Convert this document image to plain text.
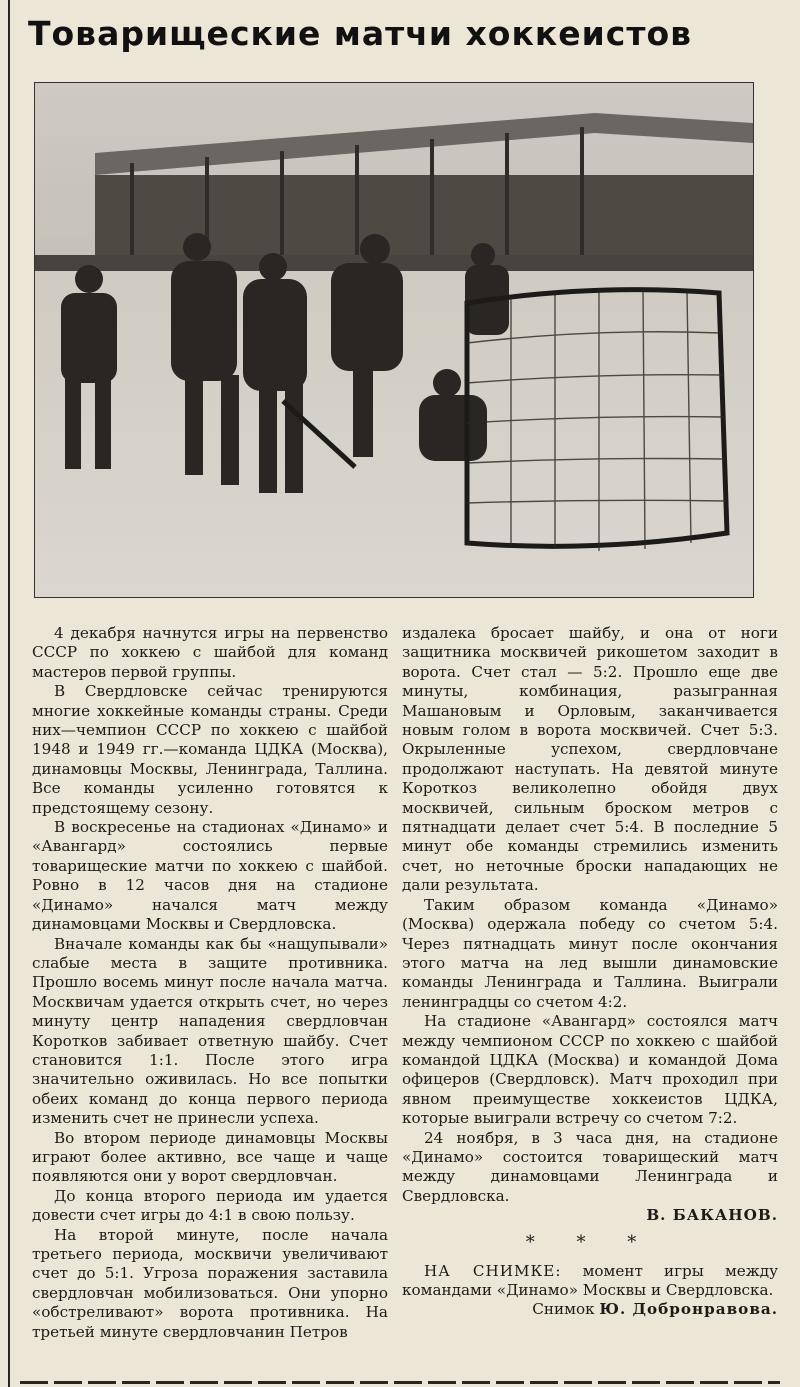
Товарищеские матчи хоккеистов

4 декабря начнутся игры на первенство СССР по хоккею с шайбой для команд мастеров первой группы.

В Свердловске сейчас тренируются многие хоккейные команды страны. Среди них—чемпион СССР по хоккею с шайбой 1948 и 1949 гг.—команда ЦДКА (Москва), динамовцы Москвы, Ленинграда, Таллина. Все команды усиленно готовятся к предстоящему сезону.

В воскресенье на стадионах «Динамо» и «Авангард» состоялись первые товарищеские матчи по хоккею с шайбой. Ровно в 12 часов дня на стадионе «Динамо» начался матч между динамовцами Москвы и Свердловска.

Вначале команды как бы «нащупывали» слабые места в защите противника. Прошло восемь минут после начала матча. Москвичам удается открыть счет, но через минуту центр нападения свердловчан Коротков забивает ответную шайбу. Счет становится 1:1. После этого игра значительно оживилась. Но все попытки обеих команд до конца первого периода изменить счет не принесли успеха.

Во втором периоде динамовцы Москвы играют более активно, все чаще и чаще появляются они у ворот свердловчан.

До конца второго периода им удается довести счет игры до 4:1 в свою пользу.

На второй минуте, после начала третьего периода, москвичи увеличивают счет до 5:1. Угроза поражения заставила свердловчан мобилизоваться. Они упорно «обстреливают» ворота противника. На третьей минуте свердловчанин Петров

издалека бросает шайбу, и она от ноги защитника москвичей рикошетом заходит в ворота. Счет стал — 5:2. Прошло еще две минуты, комбинация, разыгранная Машановым и Орловым, заканчивается новым голом в ворота москвичей. Счет 5:3. Окрыленные успехом, свердловчане продолжают наступать. На девятой минуте Короткоз великолепно обойдя двух москвичей, сильным броском метров с пятнадцати делает счет 5:4. В последние 5 минут обе команды стремились изменить счет, но неточные броски нападающих не дали результата.

Таким образом команда «Динамо» (Москва) одержала победу со счетом 5:4. Через пятнадцать минут после окончания этого матча на лед вышли динамовские команды Ленинграда и Таллина. Выиграли ленинградцы со счетом 4:2.

На стадионе «Авангард» состоялся матч между чемпионом СССР по хоккею с шайбой командой ЦДКА (Москва) и командой Дома офицеров (Свердловск). Матч проходил при явном преимуществе хоккеистов ЦДКА, которые выиграли встречу со счетом 7:2.

24 ноября, в 3 часа дня, на стадионе «Динамо» состоится товарищеский матч между динамовцами Ленинграда и Свердловска.

В. БАКАНОВ.

* * *

НА СНИМКЕ: момент игры между командами «Динамо» Москвы и Свердловска.

Снимок Ю. Добронравова.
